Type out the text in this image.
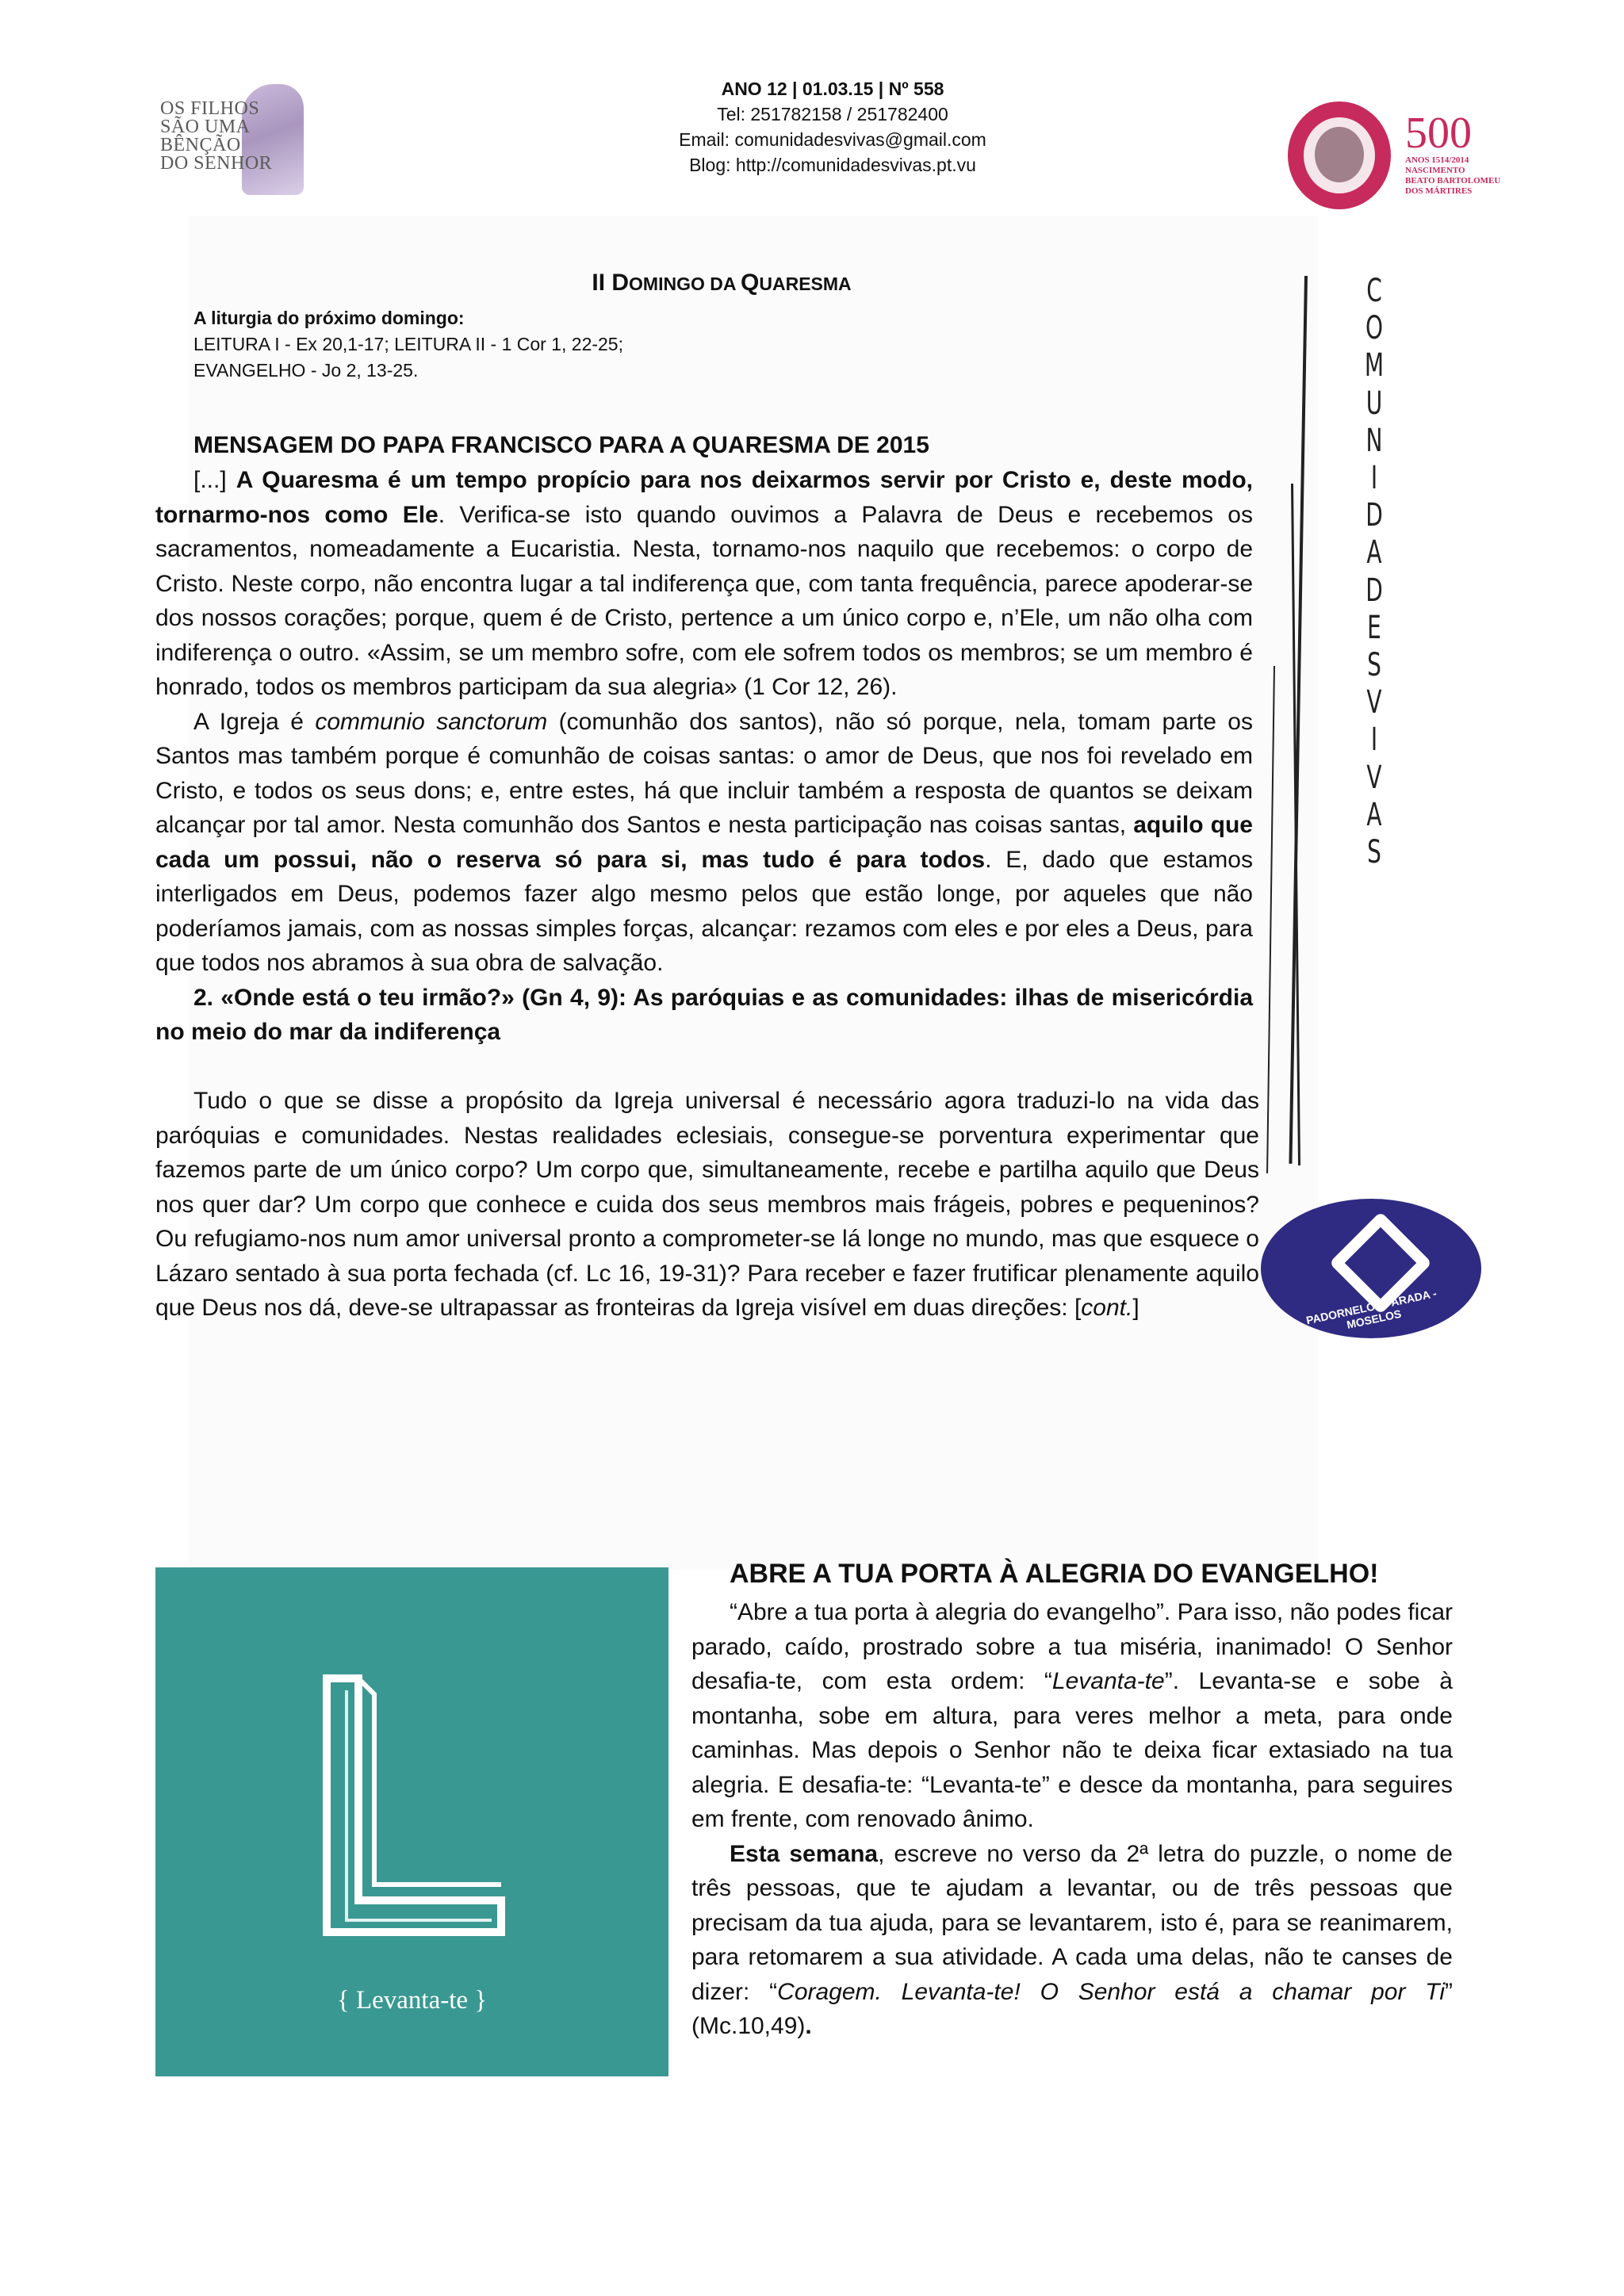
OS FILHOS
SÃO UMA
BÊNÇÃO
DO SENHOR
ANO 12 | 01.03.15 | Nº 558
Tel: 251782158 / 251782400
Email: comunidadesvivas@gmail.com
Blog: http://comunidadesvivas.pt.vu
500
ANOS 1514/2014
NASCIMENTO
BEATO BARTOLOMEU
DOS MÁRTIRES
C
O
M
U
N
I
D
A
D
E
S
V
I
V
A
S
II DOMINGO DA QUARESMA
A liturgia do próximo domingo:
LEITURA I - Ex 20,1-17; LEITURA II - 1 Cor 1, 22-25;
EVANGELHO - Jo 2, 13-25.
MENSAGEM DO PAPA FRANCISCO PARA A QUARESMA DE 2015

[...] A Quaresma é um tempo propício para nos deixarmos servir por Cristo e, deste modo, tornarmo-nos como Ele. Verifica-se isto quando ouvimos a Palavra de Deus e recebemos os sacramentos, nomeadamente a Eucaristia. Nesta, tornamo-nos naquilo que recebemos: o corpo de Cristo. Neste corpo, não encontra lugar a tal indiferença que, com tanta frequência, parece apoderar-se dos nossos corações; porque, quem é de Cristo, pertence a um único corpo e, n’Ele, um não olha com indiferença o outro. «Assim, se um membro sofre, com ele sofrem todos os membros; se um membro é honrado, todos os membros participam da sua alegria» (1 Cor 12, 26).

A Igreja é communio sanctorum (comunhão dos santos), não só porque, nela, tomam parte os Santos mas também porque é comunhão de coisas santas: o amor de Deus, que nos foi revelado em Cristo, e todos os seus dons; e, entre estes, há que incluir também a resposta de quantos se deixam alcançar por tal amor. Nesta comunhão dos Santos e nesta participação nas coisas santas, aquilo que cada um possui, não o reserva só para si, mas tudo é para todos. E, dado que estamos interligados em Deus, podemos fazer algo mesmo pelos que estão longe, por aqueles que não poderíamos jamais, com as nossas simples forças, alcançar: rezamos com eles e por eles a Deus, para que todos nos abramos à sua obra de salvação.

2. «Onde está o teu irmão?» (Gn 4, 9): As paróquias e as comunidades: ilhas de misericórdia no meio do mar da indiferença

Tudo o que se disse a propósito da Igreja universal é necessário agora traduzi-lo na vida das paróquias e comunidades. Nestas realidades eclesiais, consegue-se porventura experimentar que fazemos parte de um único corpo? Um corpo que, simultaneamente, recebe e partilha aquilo que Deus nos quer dar? Um corpo que conhece e cuida dos seus membros mais frágeis, pobres e pequeninos? Ou refugiamo-nos num amor universal pronto a comprometer-se lá longe no mundo, mas que esquece o Lázaro sentado à sua porta fechada (cf. Lc 16, 19-31)? Para receber e fazer frutificar plenamente aquilo que Deus nos dá, deve-se ultrapassar as fronteiras da Igreja visível em duas direções: [cont.]	PADORNELO - PARADA - MOSELOS
{ Levanta-te }
ABRE A TUA PORTA À ALEGRIA DO EVANGELHO!

“Abre a tua porta à alegria do evangelho”. Para isso, não podes ficar parado, caído, prostrado sobre a tua miséria, inanimado! O Senhor desafia-te, com esta ordem: “Levanta-te”. Levanta-se e sobe à montanha, sobe em altura, para veres melhor a meta, para onde caminhas. Mas depois o Senhor não te deixa ficar extasiado na tua alegria. E desafia-te: “Levanta-te” e desce da montanha, para seguires em frente, com renovado ânimo.

Esta semana, escreve no verso da 2ª letra do puzzle, o nome de três pessoas, que te ajudam a levantar, ou de três pessoas que precisam da tua ajuda, para se levantarem, isto é, para se reanimarem, para retomarem a sua atividade. A cada uma delas, não te canses de dizer: “Coragem. Levanta-te! O Senhor está a chamar por Ti” (Mc.10,49).
